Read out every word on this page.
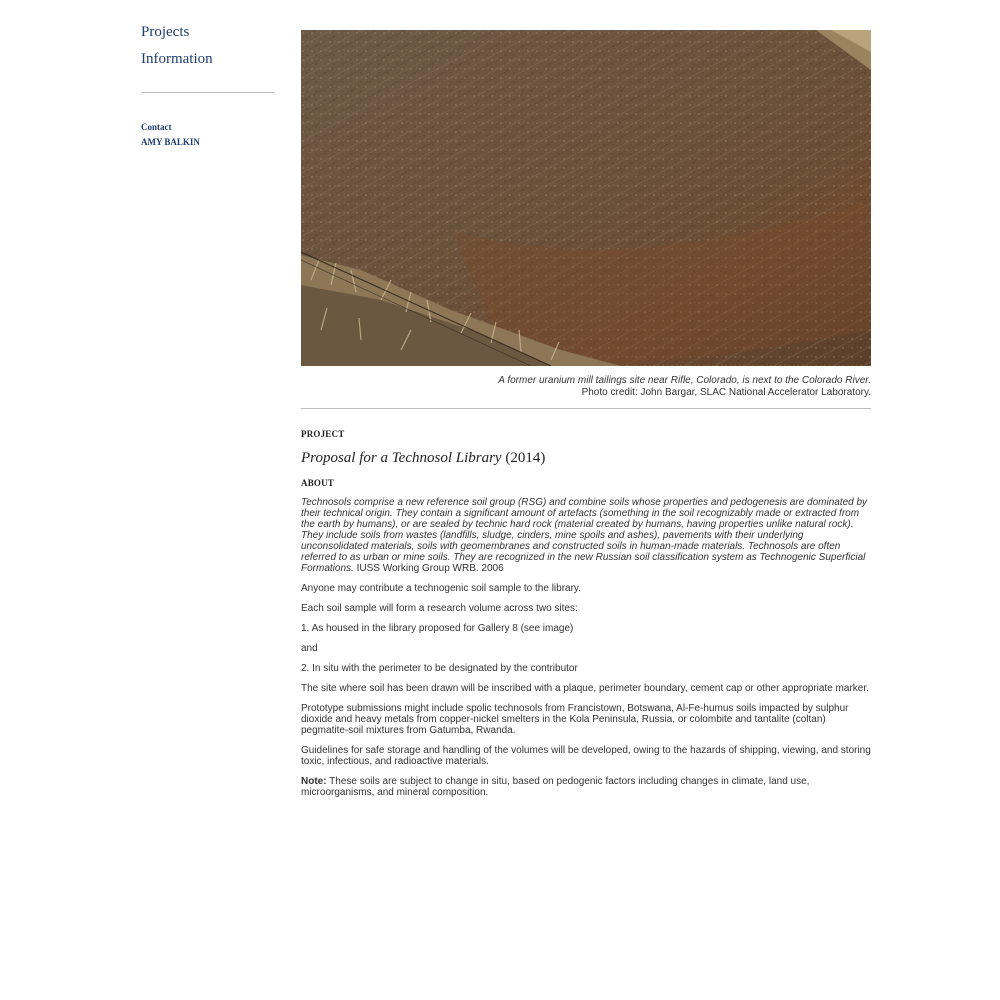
Projects
Information
Contact
AMY BALKIN
A former uranium mill tailings site near Rifle, Colorado, is next to the Colorado River.
Photo credit: John Bargar, SLAC National Accelerator Laboratory.
PROJECT
Proposal for a Technosol Library (2014)
ABOUT
Technosols comprise a new reference soil group (RSG) and combine soils whose properties and pedogenesis are dominated by their technical origin. They contain a significant amount of artefacts (something in the soil recognizably made or extracted from the earth by humans), or are sealed by technic hard rock (material created by humans, having properties unlike natural rock). They include soils from wastes (landfills, sludge, cinders, mine spoils and ashes), pavements with their underlying unconsolidated materials, soils with geomembranes and constructed soils in human-made materials. Technosols are often referred to as urban or mine soils. They are recognized in the new Russian soil classification system as Technogenic Superficial Formations. IUSS Working Group WRB. 2006
Anyone may contribute a technogenic soil sample to the library.
Each soil sample will form a research volume across two sites:
1. As housed in the library proposed for Gallery 8 (see image)
and
2. In situ with the perimeter to be designated by the contributor
The site where soil has been drawn will be inscribed with a plaque, perimeter boundary, cement cap or other appropriate marker.
Prototype submissions might include spolic technosols from Francistown, Botswana, Al-Fe-humus soils impacted by sulphur dioxide and heavy metals from copper-nickel smelters in the Kola Peninsula, Russia, or colombite and tantalite (coltan) pegmatite-soil mixtures from Gatumba, Rwanda.
Guidelines for safe storage and handling of the volumes will be developed, owing to the hazards of shipping, viewing, and storing toxic, infectious, and radioactive materials.
Note: These soils are subject to change in situ, based on pedogenic factors including changes in climate, land use, microorganisms, and mineral composition.
